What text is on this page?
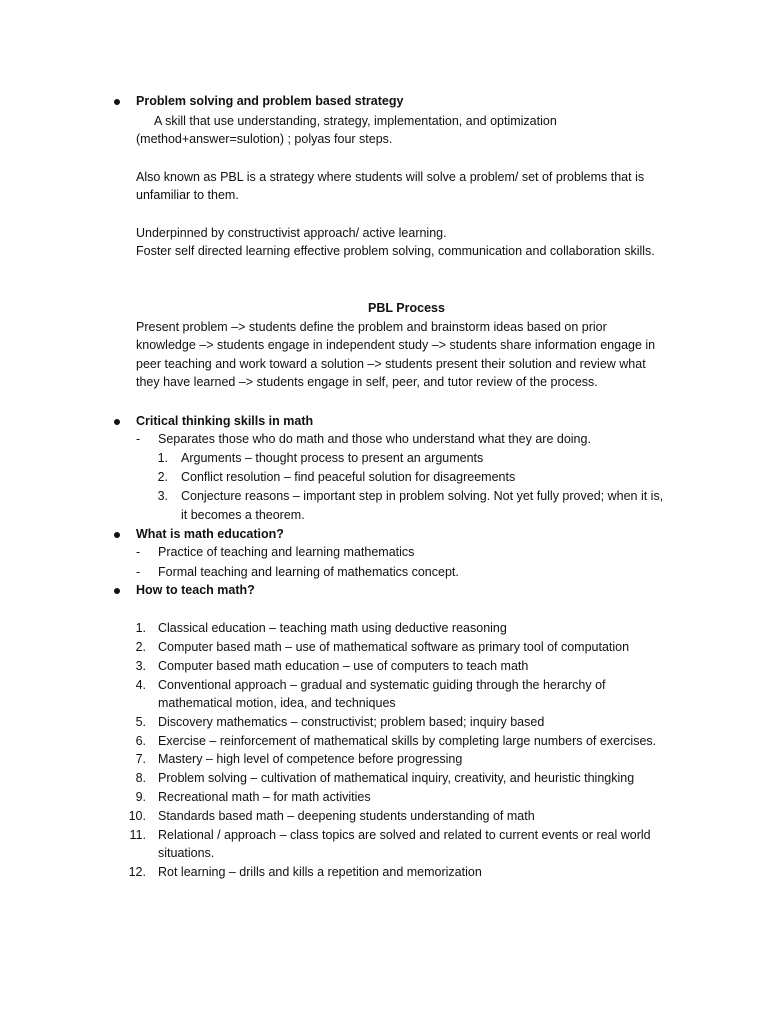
Problem solving and problem based strategy
A skill that use understanding, strategy, implementation, and optimization
(method+answer=sulotion) ; polyas four steps.
Also known as PBL is a strategy where students will solve a problem/ set of problems that is
unfamiliar to them.
Underpinned by constructivist approach/ active learning.
Foster self directed learning effective problem solving, communication and collaboration skills.
PBL Process
Present problem –> students define the problem and brainstorm ideas based on prior
knowledge –> students engage in independent study –> students share information engage in
peer teaching and work toward a solution –> students present their solution and review what
they have learned –> students engage in self, peer, and tutor review of the process.
Critical thinking skills in math
- Separates those who do math and those who understand what they are doing.
1. Arguments – thought process to present an arguments
2. Conflict resolution – find peaceful solution for disagreements
3. Conjecture reasons – important step in problem solving. Not yet fully proved; when it is,
it becomes a theorem.
What is math education?
- Practice of teaching and learning mathematics
- Formal teaching and learning of mathematics concept.
How to teach math?
1. Classical education – teaching math using deductive reasoning
2. Computer based math – use of mathematical software as primary tool of computation
3. Computer based math education – use of computers to teach math
4. Conventional approach – gradual and systematic guiding through the herarchy of
mathematical motion, idea, and techniques
5. Discovery mathematics – constructivist; problem based; inquiry based
6. Exercise – reinforcement of mathematical skills by completing large numbers of exercises.
7. Mastery – high level of competence before progressing
8. Problem solving – cultivation of mathematical inquiry, creativity, and heuristic thingking
9. Recreational math – for math activities
10. Standards based math – deepening students understanding of math
11. Relational / approach – class topics are solved and related to current events or real world
situations.
12. Rot learning – drills and kills a repetition and memorization
